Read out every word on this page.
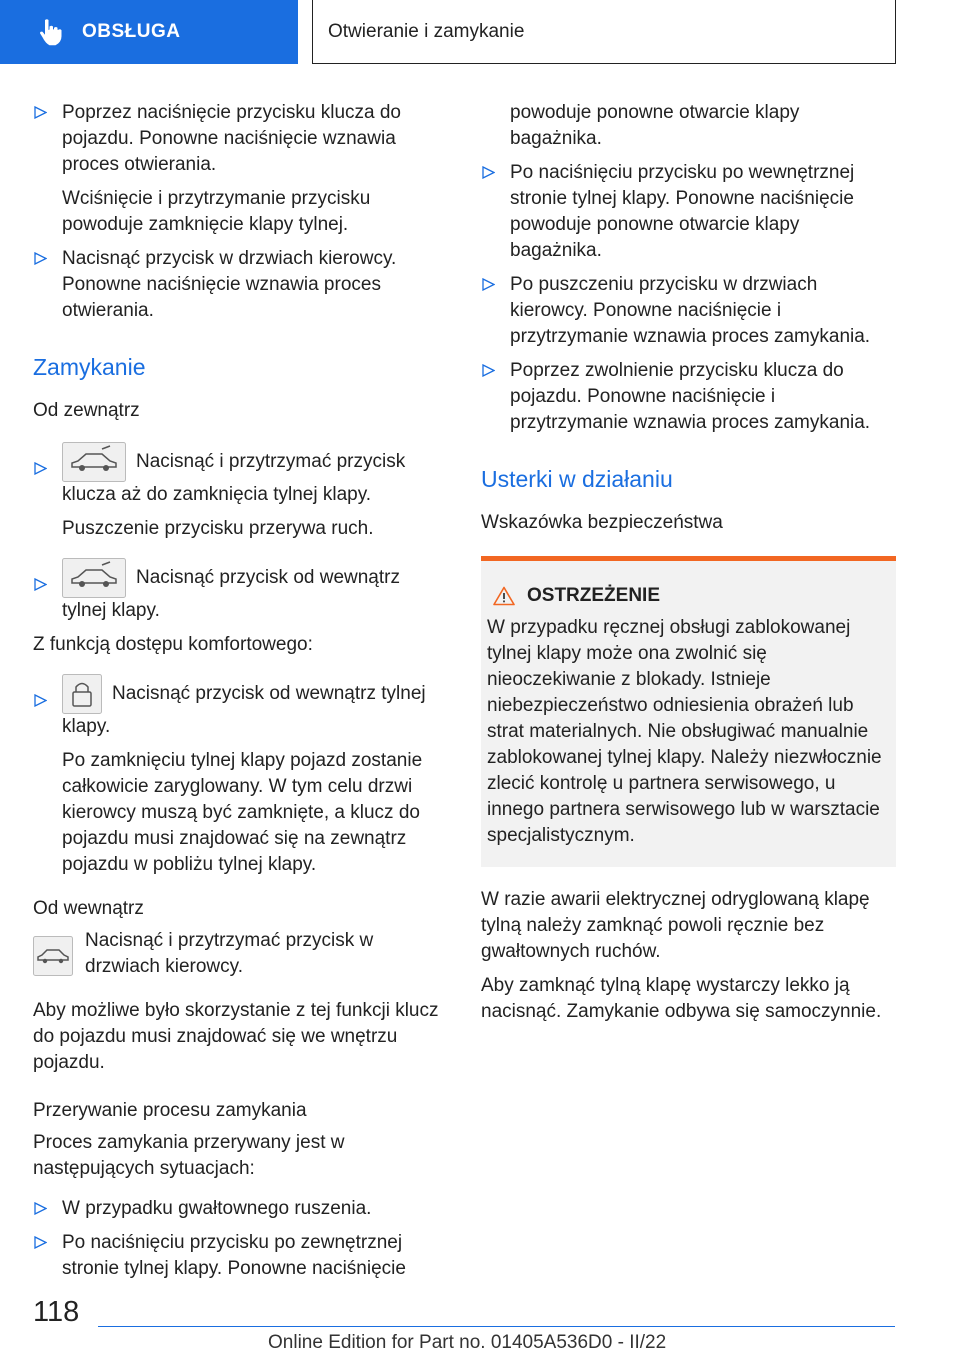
OBSŁUGA	Otwieranie i zamykanie
Poprzez naciśnięcie przycisku klucza do pojazdu. Ponowne naciśnięcie wznawia proces otwierania.
Wciśnięcie i przytrzymanie przycisku powoduje zamknięcie klapy tylnej.
Nacisnąć przycisk w drzwiach kierowcy. Ponowne naciśnięcie wznawia proces otwierania.
Zamykanie
Od zewnątrz
Nacisnąć i przytrzymać przycisk klucza aż do zamknięcia tylnej klapy.
Puszczenie przycisku przerywa ruch.
Nacisnąć przycisk od wewnątrz tylnej klapy.
Z funkcją dostępu komfortowego:
Nacisnąć przycisk od wewnątrz tylnej klapy.
Po zamknięciu tylnej klapy pojazd zostanie całkowicie zaryglowany. W tym celu drzwi kierowcy muszą być zamknięte, a klucz do pojazdu musi znajdować się na zewnątrz pojazdu w pobliżu tylnej klapy.
Od wewnątrz
Nacisnąć i przytrzymać przycisk w drzwiach kierowcy.
Aby możliwe było skorzystanie z tej funkcji klucz do pojazdu musi znajdować się we wnętrzu pojazdu.
Przerywanie procesu zamykania
Proces zamykania przerywany jest w następujących sytuacjach:
W przypadku gwałtownego ruszenia.
Po naciśnięciu przycisku po zewnętrznej stronie tylnej klapy. Ponowne naciśnięcie
powoduje ponowne otwarcie klapy bagażnika.
Po naciśnięciu przycisku po wewnętrznej stronie tylnej klapy. Ponowne naciśnięcie powoduje ponowne otwarcie klapy bagażnika.
Po puszczeniu przycisku w drzwiach kierowcy. Ponowne naciśnięcie i przytrzymanie wznawia proces zamykania.
Poprzez zwolnienie przycisku klucza do pojazdu. Ponowne naciśnięcie i przytrzymanie wznawia proces zamykania.
Usterki w działaniu
Wskazówka bezpieczeństwa
OSTRZEŻENIE
W przypadku ręcznej obsługi zablokowanej tylnej klapy może ona zwolnić się nieoczekiwanie z blokady. Istnieje niebezpieczeństwo odniesienia obrażeń lub strat materialnych. Nie obsługiwać manualnie zablokowanej tylnej klapy. Należy niezwłocznie zlecić kontrolę u partnera serwisowego, u innego partnera serwisowego lub w warsztacie specjalistycznym.
W razie awarii elektrycznej odryglowaną klapę tylną należy zamknąć powoli ręcznie bez gwałtownych ruchów.
Aby zamknąć tylną klapę wystarczy lekko ją nacisnąć. Zamykanie odbywa się samoczynnie.
118
Online Edition for Part no. 01405A536D0 - II/22
